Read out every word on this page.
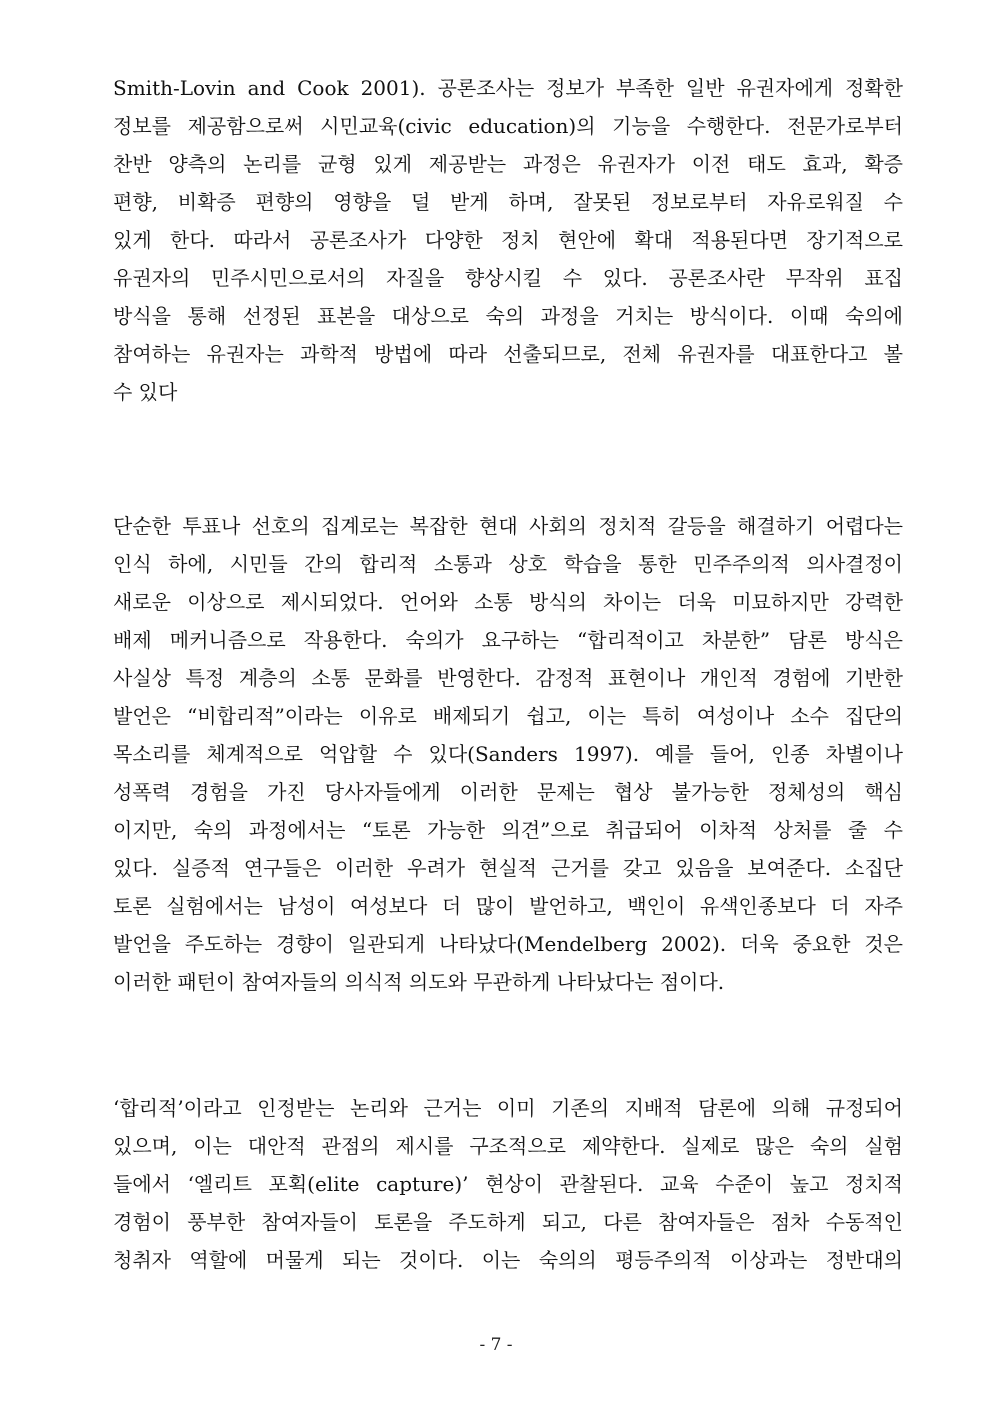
Smith-Lovin and Cook 2001). 공론조사는 정보가 부족한 일반 유권자에게 정확한
정보를 제공함으로써 시민교육(civic education)의 기능을 수행한다. 전문가로부터
찬반 양측의 논리를 균형 있게 제공받는 과정은 유권자가 이전 태도 효과, 확증
편향, 비확증 편향의 영향을 덜 받게 하며, 잘못된 정보로부터 자유로워질 수
있게 한다. 따라서 공론조사가 다양한 정치 현안에 확대 적용된다면 장기적으로
유권자의 민주시민으로서의 자질을 향상시킬 수 있다. 공론조사란 무작위 표집
방식을 통해 선정된 표본을 대상으로 숙의 과정을 거치는 방식이다. 이때 숙의에
참여하는 유권자는 과학적 방법에 따라 선출되므로, 전체 유권자를 대표한다고 볼
수 있다
단순한 투표나 선호의 집계로는 복잡한 현대 사회의 정치적 갈등을 해결하기 어렵다는
인식 하에, 시민들 간의 합리적 소통과 상호 학습을 통한 민주주의적 의사결정이
새로운 이상으로 제시되었다. 언어와 소통 방식의 차이는 더욱 미묘하지만 강력한
배제 메커니즘으로 작용한다. 숙의가 요구하는 “합리적이고 차분한” 담론 방식은
사실상 특정 계층의 소통 문화를 반영한다. 감정적 표현이나 개인적 경험에 기반한
발언은 “비합리적”이라는 이유로 배제되기 쉽고, 이는 특히 여성이나 소수 집단의
목소리를 체계적으로 억압할 수 있다(Sanders 1997). 예를 들어, 인종 차별이나
성폭력 경험을 가진 당사자들에게 이러한 문제는 협상 불가능한 정체성의 핵심
이지만, 숙의 과정에서는 “토론 가능한 의견”으로 취급되어 이차적 상처를 줄 수
있다. 실증적 연구들은 이러한 우려가 현실적 근거를 갖고 있음을 보여준다. 소집단
토론 실험에서는 남성이 여성보다 더 많이 발언하고, 백인이 유색인종보다 더 자주
발언을 주도하는 경향이 일관되게 나타났다(Mendelberg 2002). 더욱 중요한 것은
이러한 패턴이 참여자들의 의식적 의도와 무관하게 나타났다는 점이다.
‘합리적’이라고 인정받는 논리와 근거는 이미 기존의 지배적 담론에 의해 규정되어
있으며, 이는 대안적 관점의 제시를 구조적으로 제약한다. 실제로 많은 숙의 실험
들에서 ‘엘리트 포획(elite capture)’ 현상이 관찰된다. 교육 수준이 높고 정치적
경험이 풍부한 참여자들이 토론을 주도하게 되고, 다른 참여자들은 점차 수동적인
청취자 역할에 머물게 되는 것이다. 이는 숙의의 평등주의적 이상과는 정반대의
- 7 -
